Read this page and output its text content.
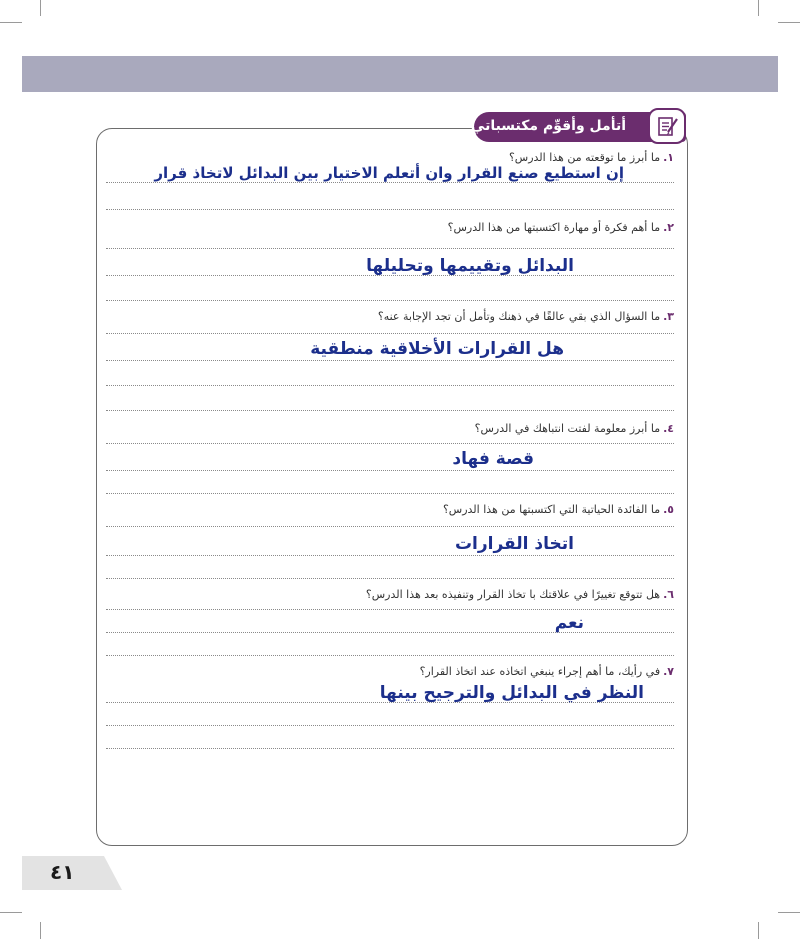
أتأمل وأقوِّم مكتسباتي
١.ما أبرز ما توقعته من هذا الدرس؟
إن استطيع صنع القرار وان أتعلم الاختيار بين البدائل لاتخاذ قرار
٢.ما أهم فكرة أو مهارة اكتسبتها من هذا الدرس؟
البدائل وتقييمها وتحليلها
٣.ما السؤال الذي بقي عالقًا في ذهنك وتأمل أن تجد الإجابة عنه؟
هل القرارات الأخلاقية منطقية
٤.ما أبرز معلومة لفتت انتباهك في الدرس؟
قصة فهاد
٥.ما الفائدة الحياتية التي اكتسبتها من هذا الدرس؟
اتخاذ القرارات
٦.هل تتوقع تغييرًا في علاقتك با تخاذ القرار وتنفيذه بعد هذا الدرس؟
نعم
٧.في رأيك، ما أهم إجراء ينبغي اتخاذه عند اتخاذ القرار؟
النظر في البدائل والترجيح بينها
٤١
